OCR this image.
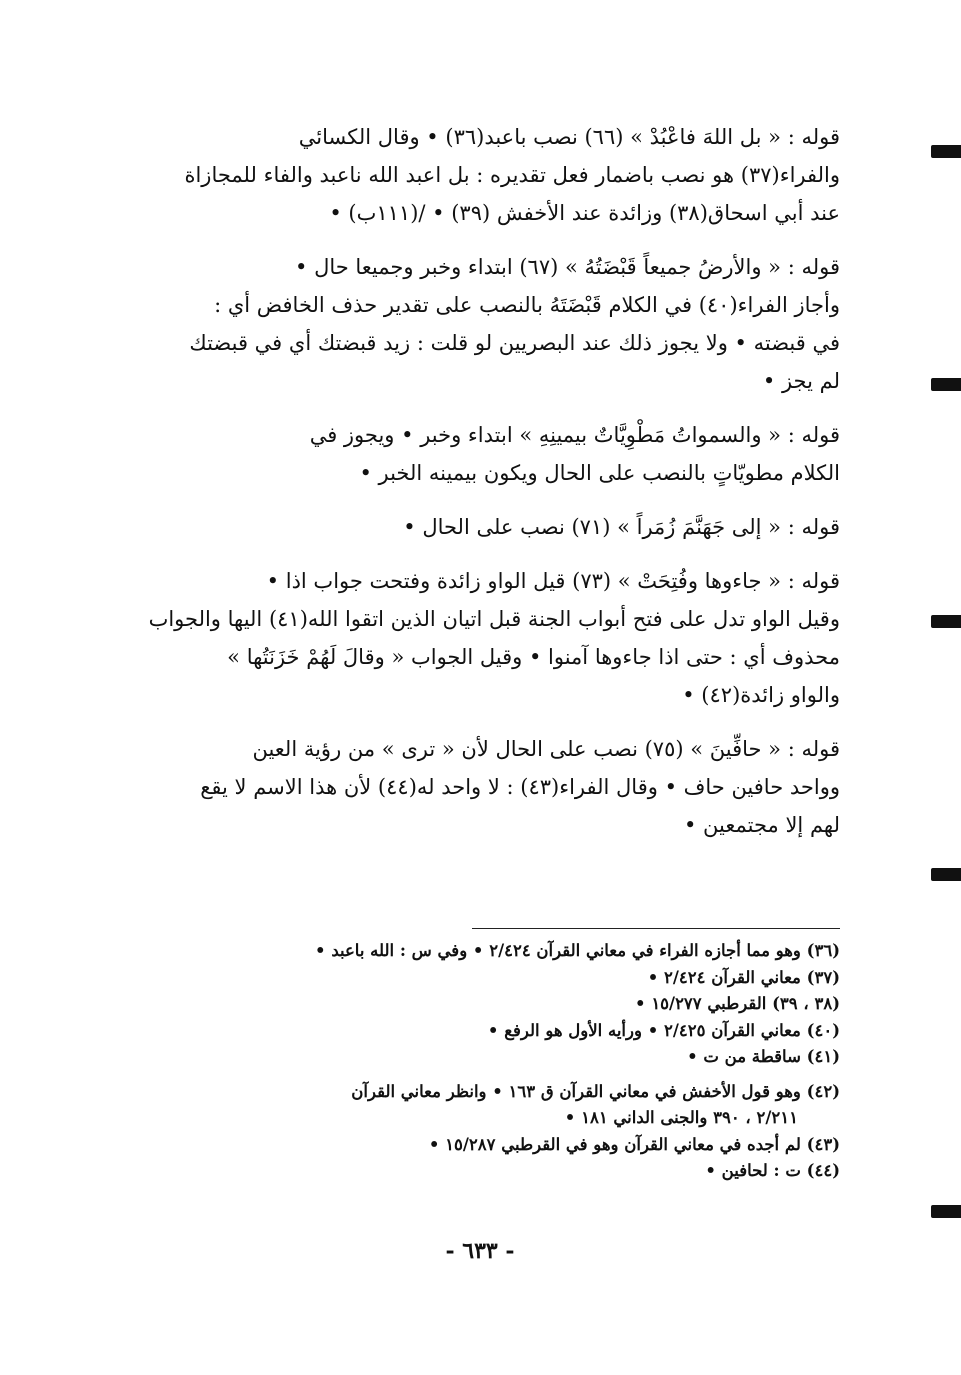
قوله : « بل اللهَ فاعْبُدْ » (٦٦) نصب باعبد(٣٦) • وقال الكسائي

والفراء(٣٧) هو نصب باضمار فعل تقديره : بل اعبد الله ناعبد والفاء للمجازاة

عند أبي اسحاق(٣٨) وزائدة عند الأخفش (٣٩) • /(١١١ب) •

قوله : « والأرضُ جميعاً قَبْضَتُهُ » (٦٧) ابتداء وخبر وجميعا حال •

وأجاز الفراء(٤٠) في الكلام قَبْضَتَهُ بالنصب على تقدير حذف الخافض أي :

في قبضته • ولا يجوز ذلك عند البصريين لو قلت : زيد قبضتك أي في قبضتك

لم يجز •

قوله : « والسمواتُ مَطْوِيَّاتٌ بيمينِهِ » ابتداء وخبر • ويجوز في

الكلام مطويّاتٍ بالنصب على الحال ويكون بيمينه الخبر •

قوله : « إلى جَهَنَّمَ زُمَراً » (٧١) نصب على الحال •

قوله : « جاءوها وفُتِحَتْ » (٧٣) قيل الواو زائدة وفتحت جواب اذا •

وقيل الواو تدل على فتح أبواب الجنة قبل اتيان الذين اتقوا الله(٤١) اليها والجواب

محذوف أي : حتى اذا جاءوها آمنوا • وقيل الجواب « وقالَ لَهُمْ خَزَنَتُها »

والواو زائدة(٤٢) •

قوله : « حافِّينَ » (٧٥) نصب على الحال لأن « ترى » من رؤية العين

وواحد حافين حاف • وقال الفراء(٤٣) : لا واحد له(٤٤) لأن هذا الاسم لا يقع

لهم إلا مجتمعين •

(٣٦) وهو مما أجازه الفراء في معاني القرآن ٢/٤٢٤ • وفي س : الله باعبد •

(٣٧) معاني القرآن ٢/٤٢٤ •

(٣٨ ، ٣٩) القرطبي ١٥/٢٧٧ •

(٤٠) معاني القرآن ٢/٤٢٥ • ورأيه الأول هو الرفع •

(٤١) ساقطة من ت •

(٤٢) وهو قول الأخفش في معاني القرآن ق ١٦٣ • وانظر معاني القرآن

٢/٢١١ ، ٣٩٠ والجنى الداني ١٨١ •

(٤٣) لم أجده في معاني القرآن وهو في القرطبي ١٥/٢٨٧ •

(٤٤) ت : لحافين •

- ٦٣٣ -
